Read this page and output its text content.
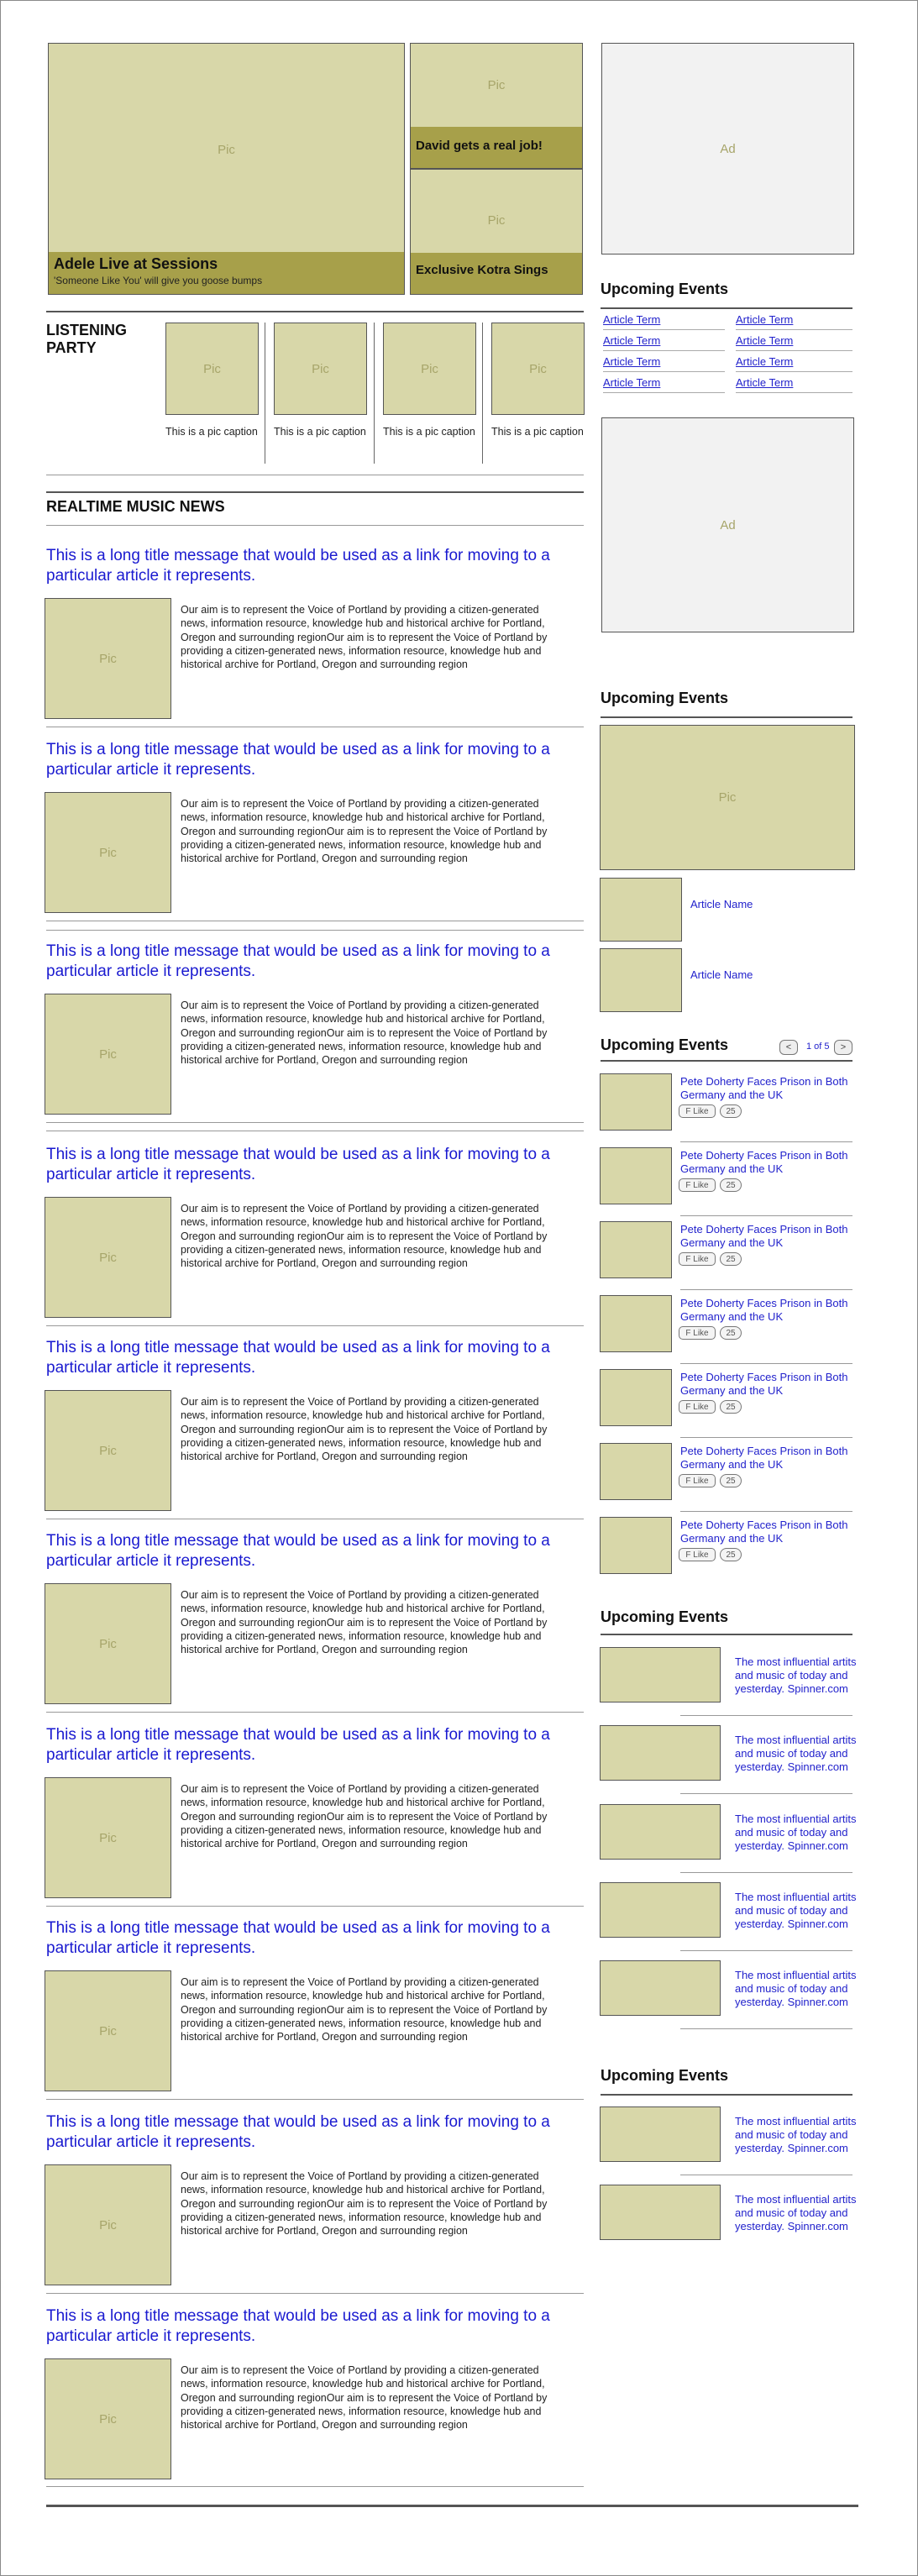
Pic
Adele Live at Sessions
'Someone Like You' will give you goose bumps
Pic
David gets a real job!
Pic
Exclusive Kotra Sings
LISTENING PARTY
Pic
This is a pic caption
Pic
This is a pic caption
Pic
This is a pic caption
Pic
This is a pic caption
REALTIME MUSIC NEWS
This is a long title message that would be used as a link for moving to a particular article it represents.
Pic
Our aim is to represent the Voice of Portland by providing a citizen-generated news, information resource, knowledge hub and historical archive for Portland, Oregon and surrounding regionOur aim is to represent the Voice of Portland by providing a citizen-generated news, information resource, knowledge hub and historical archive for Portland, Oregon and surrounding region
This is a long title message that would be used as a link for moving to a particular article it represents.
Pic
Our aim is to represent the Voice of Portland by providing a citizen-generated news, information resource, knowledge hub and historical archive for Portland, Oregon and surrounding regionOur aim is to represent the Voice of Portland by providing a citizen-generated news, information resource, knowledge hub and historical archive for Portland, Oregon and surrounding region
This is a long title message that would be used as a link for moving to a particular article it represents.
Pic
Our aim is to represent the Voice of Portland by providing a citizen-generated news, information resource, knowledge hub and historical archive for Portland, Oregon and surrounding regionOur aim is to represent the Voice of Portland by providing a citizen-generated news, information resource, knowledge hub and historical archive for Portland, Oregon and surrounding region
This is a long title message that would be used as a link for moving to a particular article it represents.
Pic
Our aim is to represent the Voice of Portland by providing a citizen-generated news, information resource, knowledge hub and historical archive for Portland, Oregon and surrounding regionOur aim is to represent the Voice of Portland by providing a citizen-generated news, information resource, knowledge hub and historical archive for Portland, Oregon and surrounding region
This is a long title message that would be used as a link for moving to a particular article it represents.
Pic
Our aim is to represent the Voice of Portland by providing a citizen-generated news, information resource, knowledge hub and historical archive for Portland, Oregon and surrounding regionOur aim is to represent the Voice of Portland by providing a citizen-generated news, information resource, knowledge hub and historical archive for Portland, Oregon and surrounding region
This is a long title message that would be used as a link for moving to a particular article it represents.
Pic
Our aim is to represent the Voice of Portland by providing a citizen-generated news, information resource, knowledge hub and historical archive for Portland, Oregon and surrounding regionOur aim is to represent the Voice of Portland by providing a citizen-generated news, information resource, knowledge hub and historical archive for Portland, Oregon and surrounding region
This is a long title message that would be used as a link for moving to a particular article it represents.
Pic
Our aim is to represent the Voice of Portland by providing a citizen-generated news, information resource, knowledge hub and historical archive for Portland, Oregon and surrounding regionOur aim is to represent the Voice of Portland by providing a citizen-generated news, information resource, knowledge hub and historical archive for Portland, Oregon and surrounding region
This is a long title message that would be used as a link for moving to a particular article it represents.
Pic
Our aim is to represent the Voice of Portland by providing a citizen-generated news, information resource, knowledge hub and historical archive for Portland, Oregon and surrounding regionOur aim is to represent the Voice of Portland by providing a citizen-generated news, information resource, knowledge hub and historical archive for Portland, Oregon and surrounding region
This is a long title message that would be used as a link for moving to a particular article it represents.
Pic
Our aim is to represent the Voice of Portland by providing a citizen-generated news, information resource, knowledge hub and historical archive for Portland, Oregon and surrounding regionOur aim is to represent the Voice of Portland by providing a citizen-generated news, information resource, knowledge hub and historical archive for Portland, Oregon and surrounding region
This is a long title message that would be used as a link for moving to a particular article it represents.
Pic
Our aim is to represent the Voice of Portland by providing a citizen-generated news, information resource, knowledge hub and historical archive for Portland, Oregon and surrounding regionOur aim is to represent the Voice of Portland by providing a citizen-generated news, information resource, knowledge hub and historical archive for Portland, Oregon and surrounding region
Ad
Upcoming Events
Article Term	Article Term
Article Term	Article Term
Article Term	Article Term
Article Term	Article Term
Ad
Upcoming Events
Pic
Article Name
Article Name
Upcoming Events	<	1 of 5	>
Pete Doherty Faces Prison in Both Germany and the UK
F Like	25
Pete Doherty Faces Prison in Both Germany and the UK
F Like	25
Pete Doherty Faces Prison in Both Germany and the UK
F Like	25
Pete Doherty Faces Prison in Both Germany and the UK
F Like	25
Pete Doherty Faces Prison in Both Germany and the UK
F Like	25
Pete Doherty Faces Prison in Both Germany and the UK
F Like	25
Pete Doherty Faces Prison in Both Germany and the UK
F Like	25
Upcoming Events
The most influential artits and music of today and yesterday. Spinner.com
The most influential artits and music of today and yesterday. Spinner.com
The most influential artits and music of today and yesterday. Spinner.com
The most influential artits and music of today and yesterday. Spinner.com
The most influential artits and music of today and yesterday. Spinner.com
Upcoming Events
The most influential artits and music of today and yesterday. Spinner.com
The most influential artits and music of today and yesterday. Spinner.com
